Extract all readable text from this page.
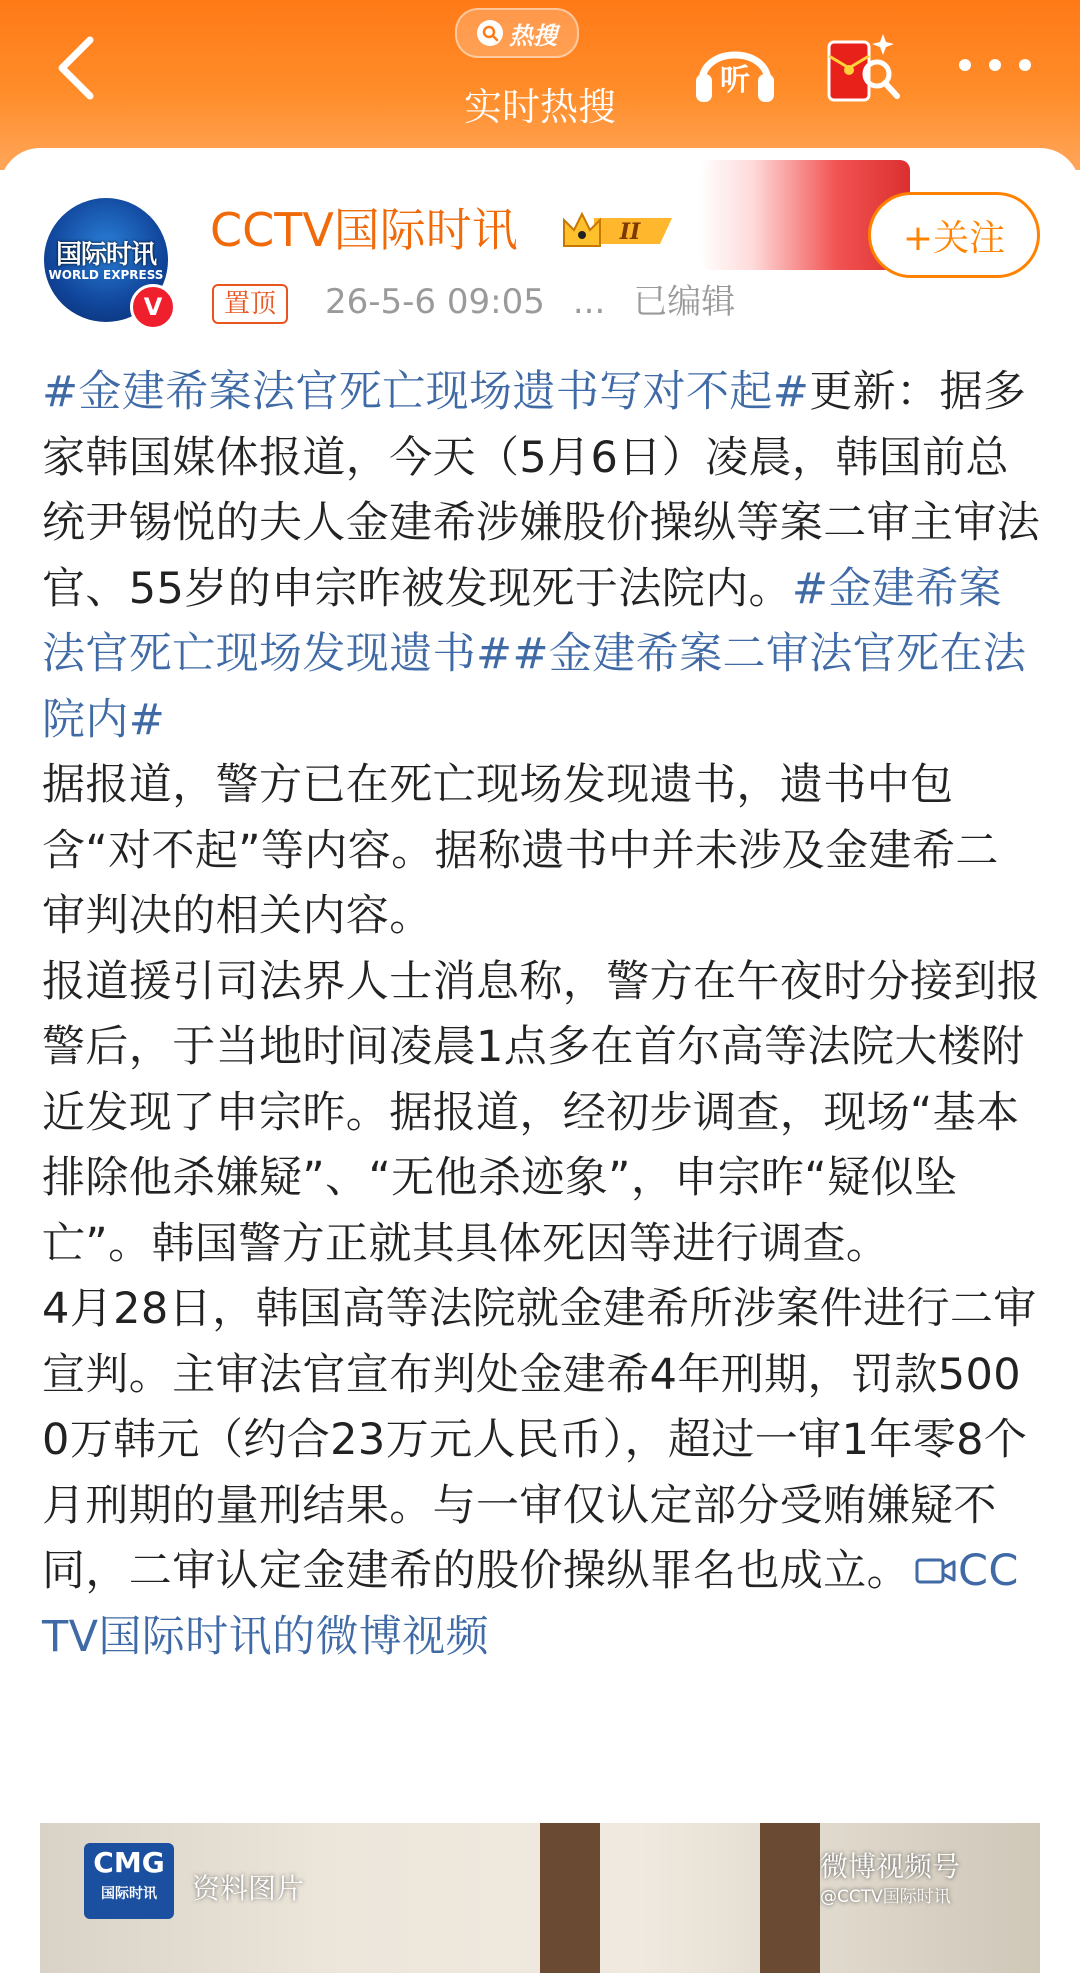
热搜
实时热搜
听
国际时讯
WORLD EXPRESS
V
CCTV国际时讯	II	+关注
置顶	26-5-6 09:05 ... 已编辑
#金建希案法官死亡现场遗书写对不起#更新：据多家韩国媒体报道，今天（5月6日）凌晨，韩国前总统尹锡悦的夫人金建希涉嫌股价操纵等案二审主审法官、55岁的申宗昨被发现死于法院内。#金建希案法官死亡现场发现遗书##金建希案二审法官死在法院内#
据报道，警方已在死亡现场发现遗书，遗书中包含“对不起”等内容。据称遗书中并未涉及金建希二审判决的相关内容。
报道援引司法界人士消息称，警方在午夜时分接到报警后，于当地时间凌晨1点多在首尔高等法院大楼附近发现了申宗昨。据报道，经初步调查，现场“基本排除他杀嫌疑”、“无他杀迹象”，申宗昨“疑似坠亡”。韩国警方正就其具体死因等进行调查。
4月28日，韩国高等法院就金建希所涉案件进行二审宣判。主审法官宣布判处金建希4年刑期，罚款5000万韩元（约合23万元人民币），超过一审1年零8个月刑期的量刑结果。与一审仅认定部分受贿嫌疑不同，二审认定金建希的股价操纵罪名也成立。 CCTV国际时讯的微博视频
CMG
国际时讯	资料图片
微博视频号
@CCTV国际时讯
